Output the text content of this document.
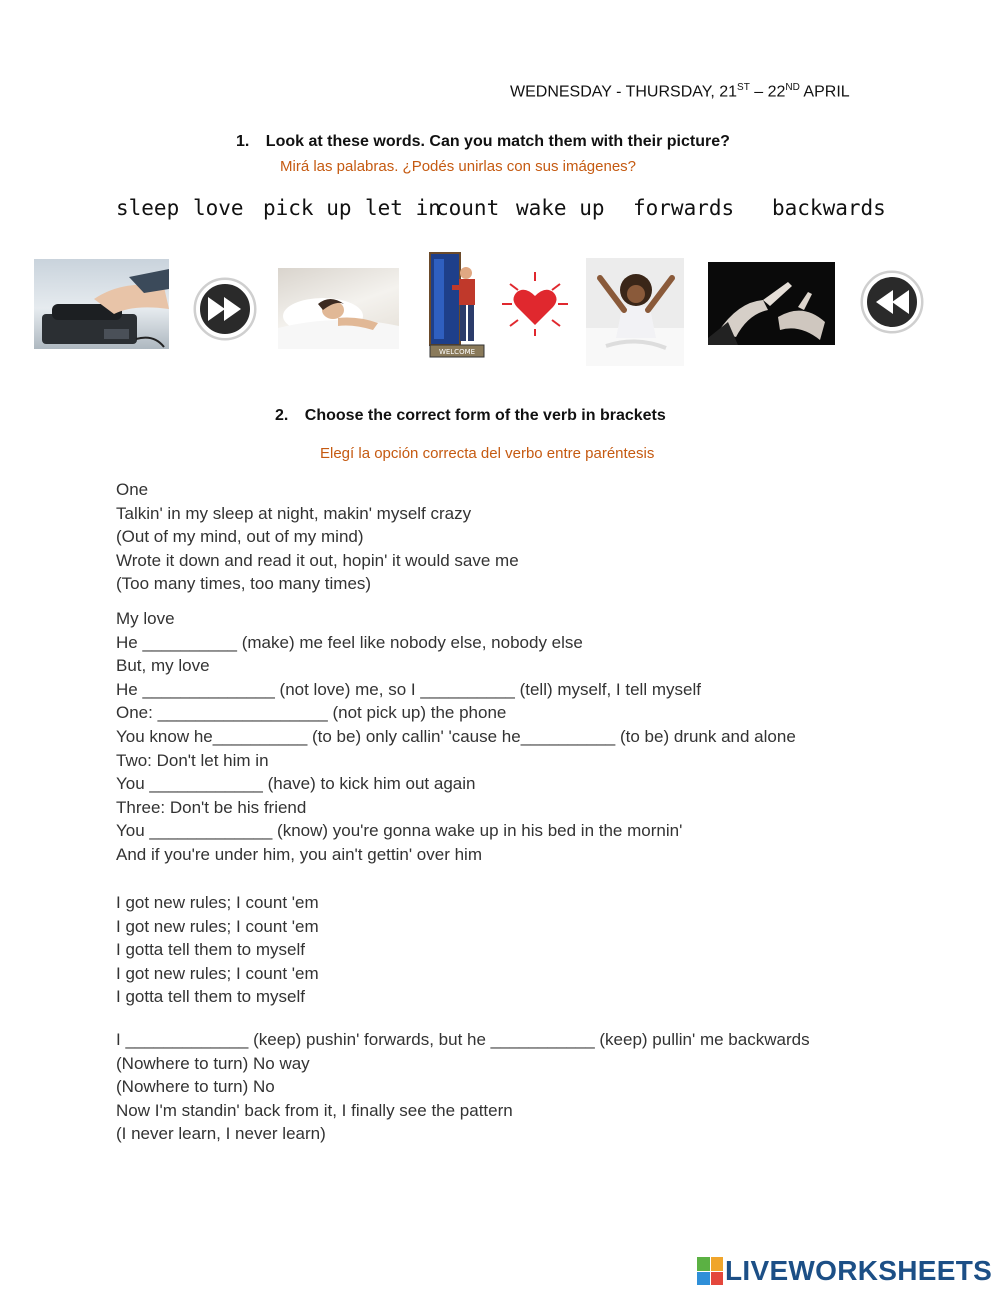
WEDNESDAY - THURSDAY, 21ST – 22ND APRIL
1. Look at these words. Can you match them with their picture?
Mirá las palabras. ¿Podés unirlas con sus imágenes?
sleep love pick up let in
count wake up forwards backwards
WELCOME
2. Choose the correct form of the verb in brackets
Elegí la opción correcta del verbo entre paréntesis
One
Talkin' in my sleep at night, makin' myself crazy
(Out of my mind, out of my mind)
Wrote it down and read it out, hopin' it would save me
(Too many times, too many times)
My love
He __________ (make) me feel like nobody else, nobody else
But, my love
He ______________ (not love) me, so I __________ (tell) myself, I tell myself
One: __________________ (not pick up) the phone
You know he__________ (to be) only callin' 'cause he__________ (to be) drunk and alone
Two: Don't let him in
You ____________ (have) to kick him out again
Three: Don't be his friend
You _____________ (know) you're gonna wake up in his bed in the mornin'
And if you're under him, you ain't gettin' over him
I got new rules; I count 'em
I got new rules; I count 'em
I gotta tell them to myself
I got new rules; I count 'em
I gotta tell them to myself
I _____________ (keep) pushin' forwards, but he ___________ (keep) pullin' me backwards
(Nowhere to turn) No way
(Nowhere to turn) No
Now I'm standin' back from it, I finally see the pattern
(I never learn, I never learn)
LIVEWORKSHEETS
